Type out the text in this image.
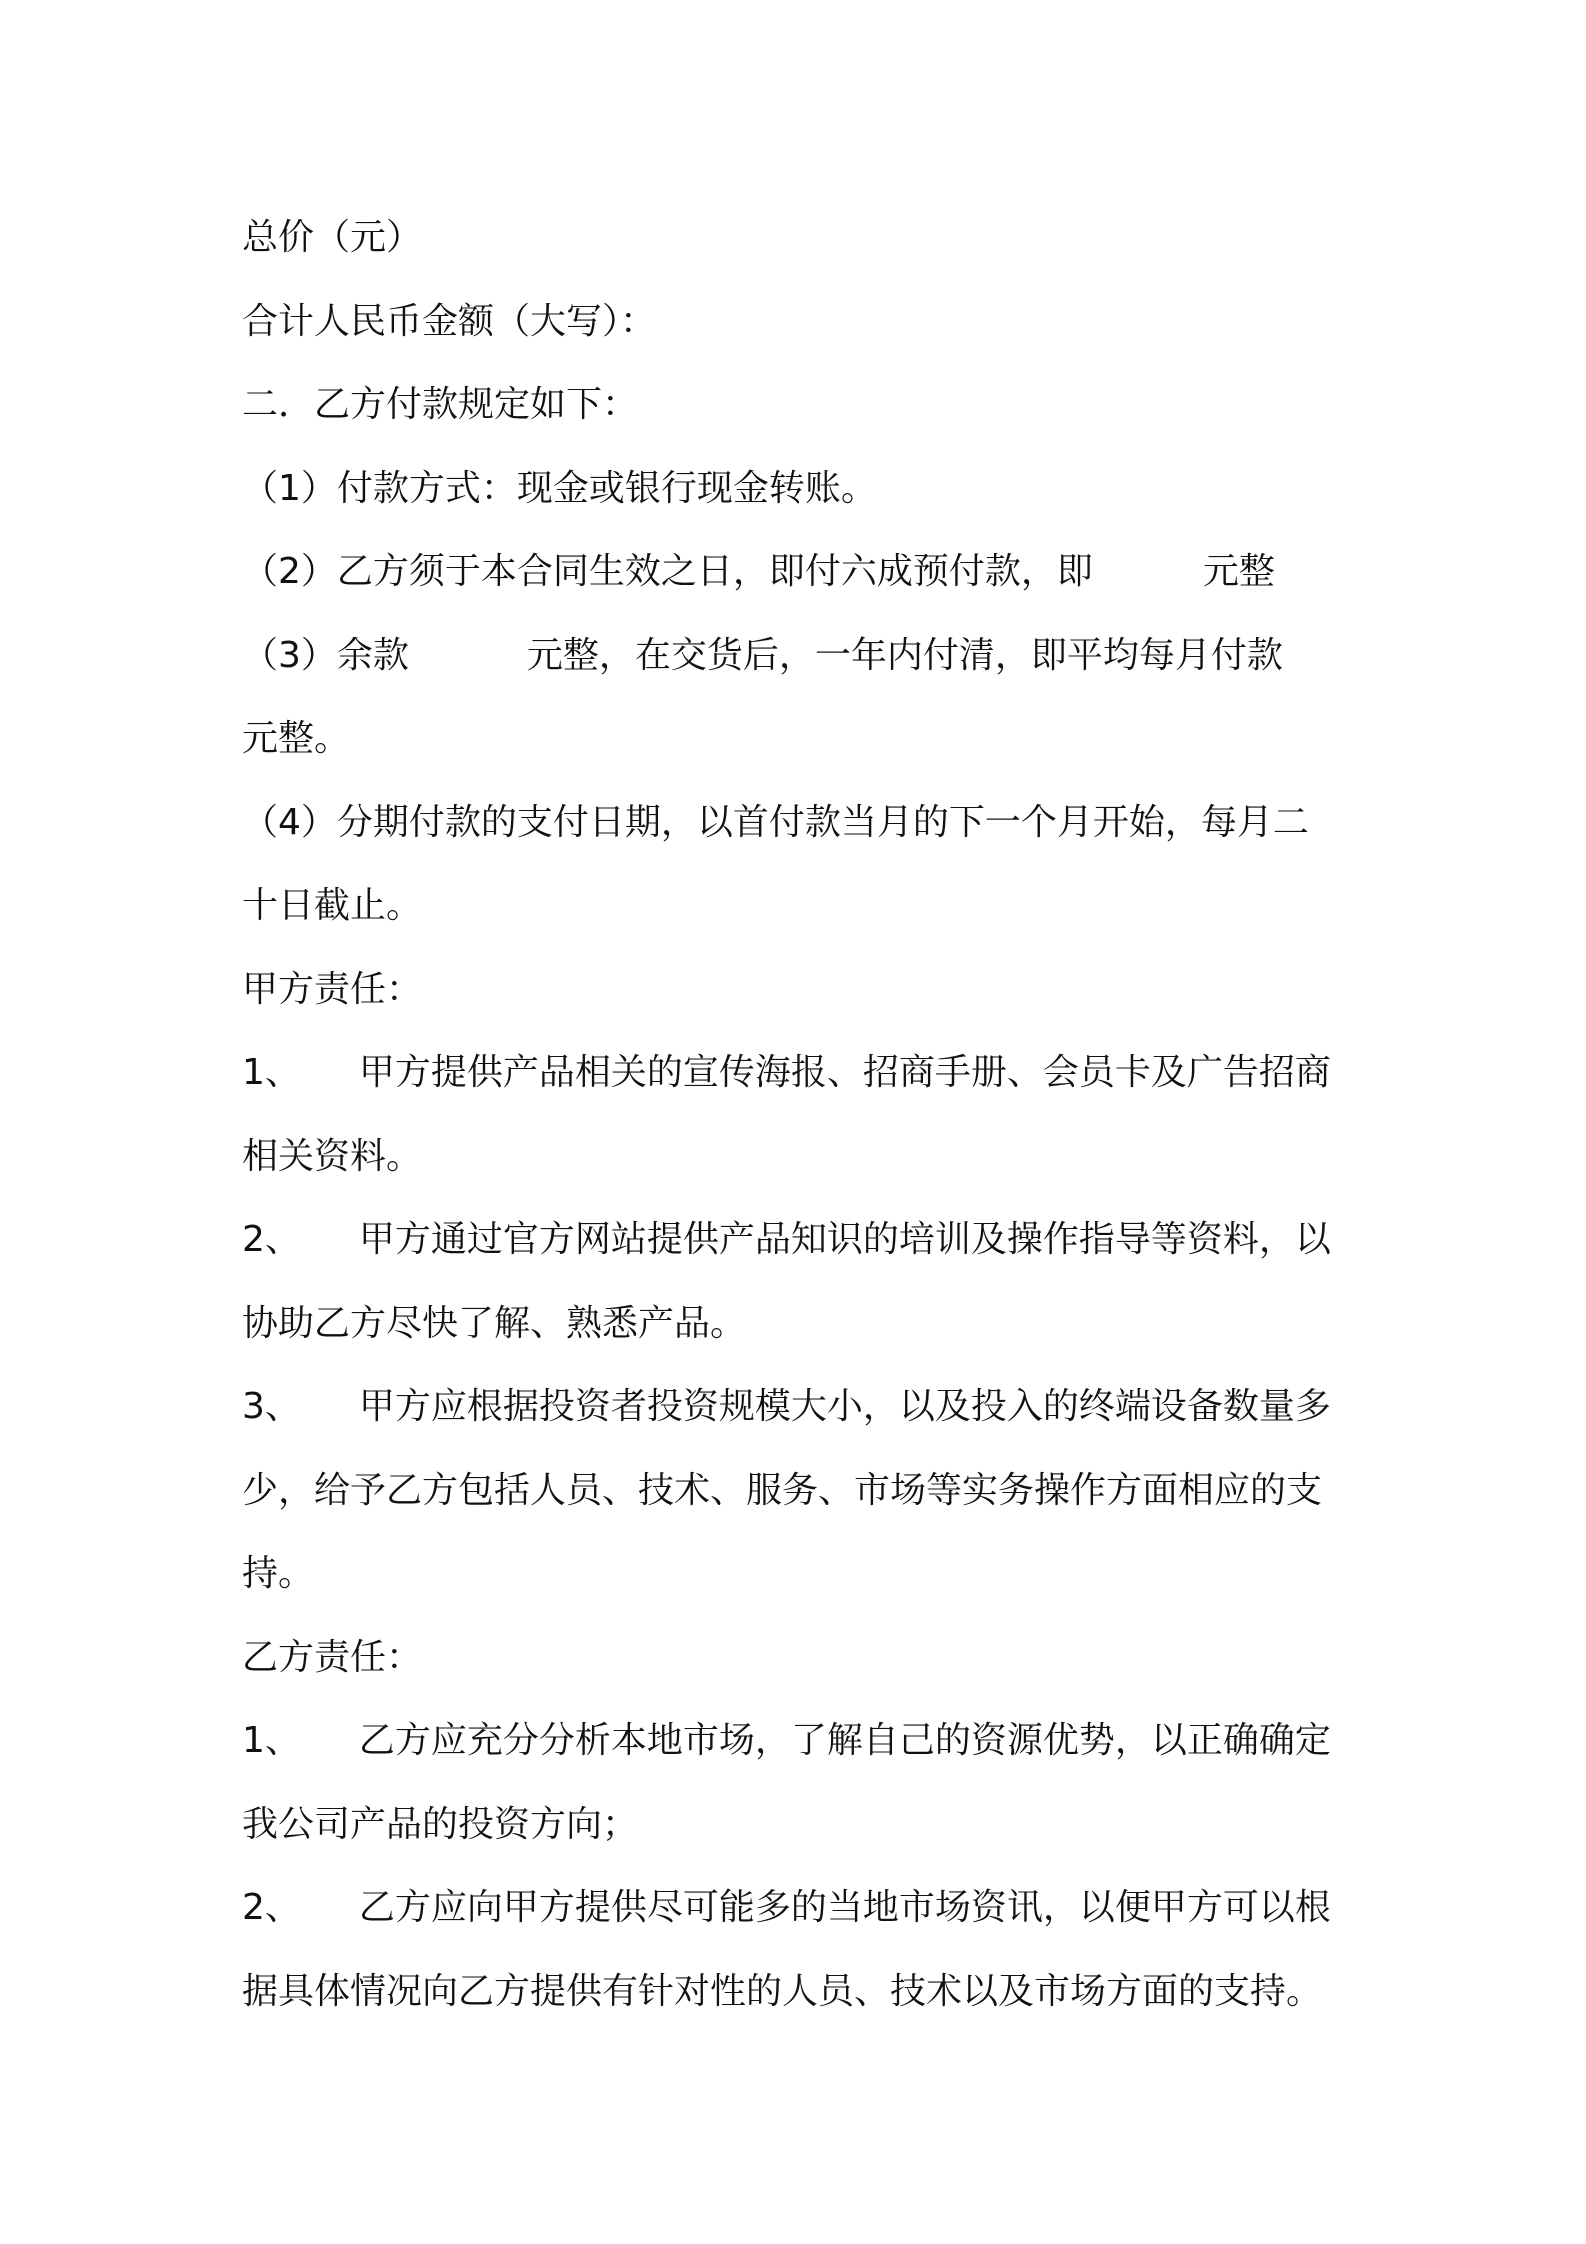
总价（元）
合计人民币金额（大写）：
二．乙方付款规定如下：
（1）付款方式：现金或银行现金转账。
（2）乙方须于本合同生效之日，即付六成预付款，即	元整
（3）余款	元整，在交货后，一年内付清，即平均每月付款
元整。
（4）分期付款的支付日期，以首付款当月的下一个月开始，每月二
十日截止。
甲方责任：
1、 甲方提供产品相关的宣传海报、招商手册、会员卡及广告招商
相关资料。
2、 甲方通过官方网站提供产品知识的培训及操作指导等资料，以
协助乙方尽快了解、熟悉产品。
3、 甲方应根据投资者投资规模大小，以及投入的终端设备数量多
少，给予乙方包括人员、技术、服务、市场等实务操作方面相应的支
持。
乙方责任：
1、 乙方应充分分析本地市场，了解自己的资源优势，以正确确定
我公司产品的投资方向；
2、 乙方应向甲方提供尽可能多的当地市场资讯，以便甲方可以根
据具体情况向乙方提供有针对性的人员、技术以及市场方面的支持。
